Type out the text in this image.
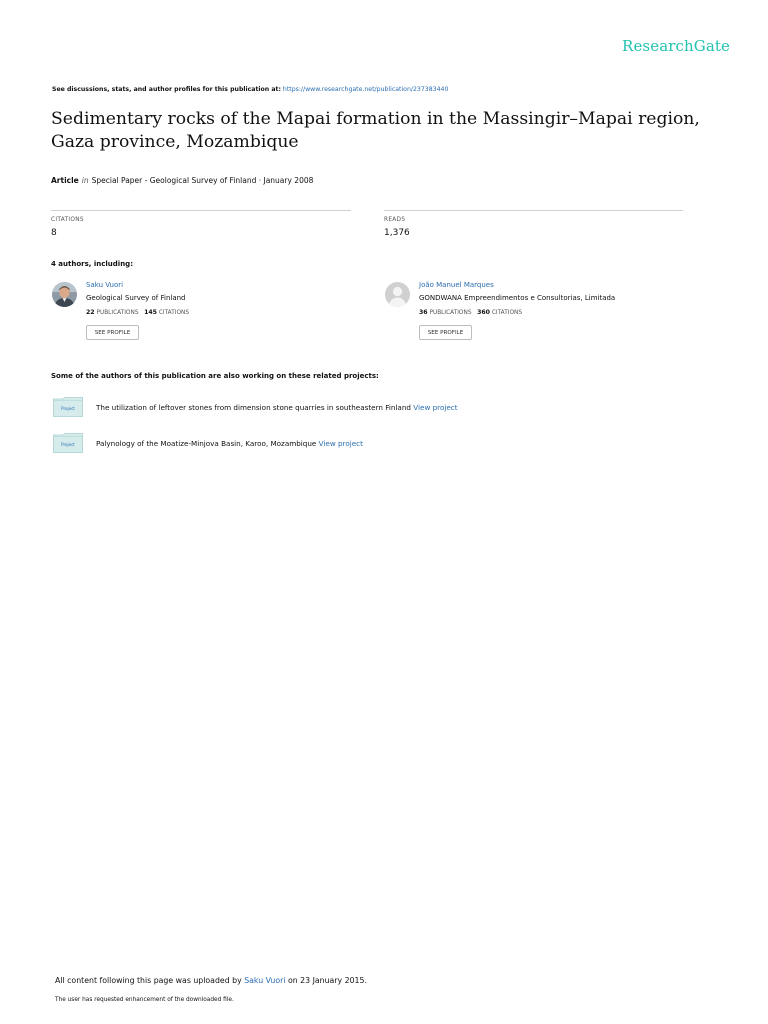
ResearchGate
See discussions, stats, and author profiles for this publication at: https://www.researchgate.net/publication/237383440
Sedimentary rocks of the Mapai formation in the Massingir–Mapai region, Gaza province, Mozambique
Article in Special Paper - Geological Survey of Finland · January 2008
CITATIONS
8
READS
1,376
4 authors, including:
Saku Vuori
Geological Survey of Finland
22 PUBLICATIONS 145 CITATIONS
SEE PROFILE
João Manuel Marques
GONDWANA Empreendimentos e Consultorias, Limitada
36 PUBLICATIONS 360 CITATIONS
SEE PROFILE
Some of the authors of this publication are also working on these related projects:
Project	The utilization of leftover stones from dimension stone quarries in southeastern Finland View project
Project	Palynology of the Moatize-Minjova Basin, Karoo, Mozambique View project
All content following this page was uploaded by Saku Vuori on 23 January 2015.
The user has requested enhancement of the downloaded file.
